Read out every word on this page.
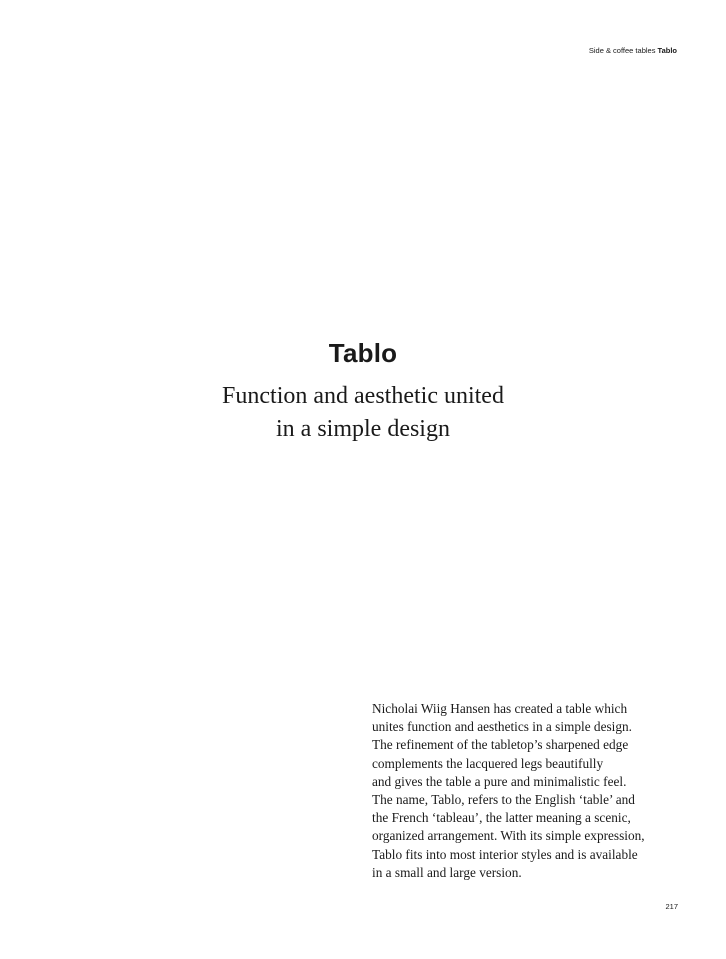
Side & coffee tables Tablo
Tablo
Function and aesthetic united
in a simple design

Nicholai Wiig Hansen has created a table which
unites function and aesthetics in a simple design.
The refinement of the tabletop’s sharpened edge
complements the lacquered legs beautifully
and gives the table a pure and minimalistic feel.
The name, Tablo, refers to the English ‘table’ and
the French ‘tableau’, the latter meaning a scenic,
organized arrangement. With its simple expression,
Tablo fits into most interior styles and is available
in a small and large version.

217
